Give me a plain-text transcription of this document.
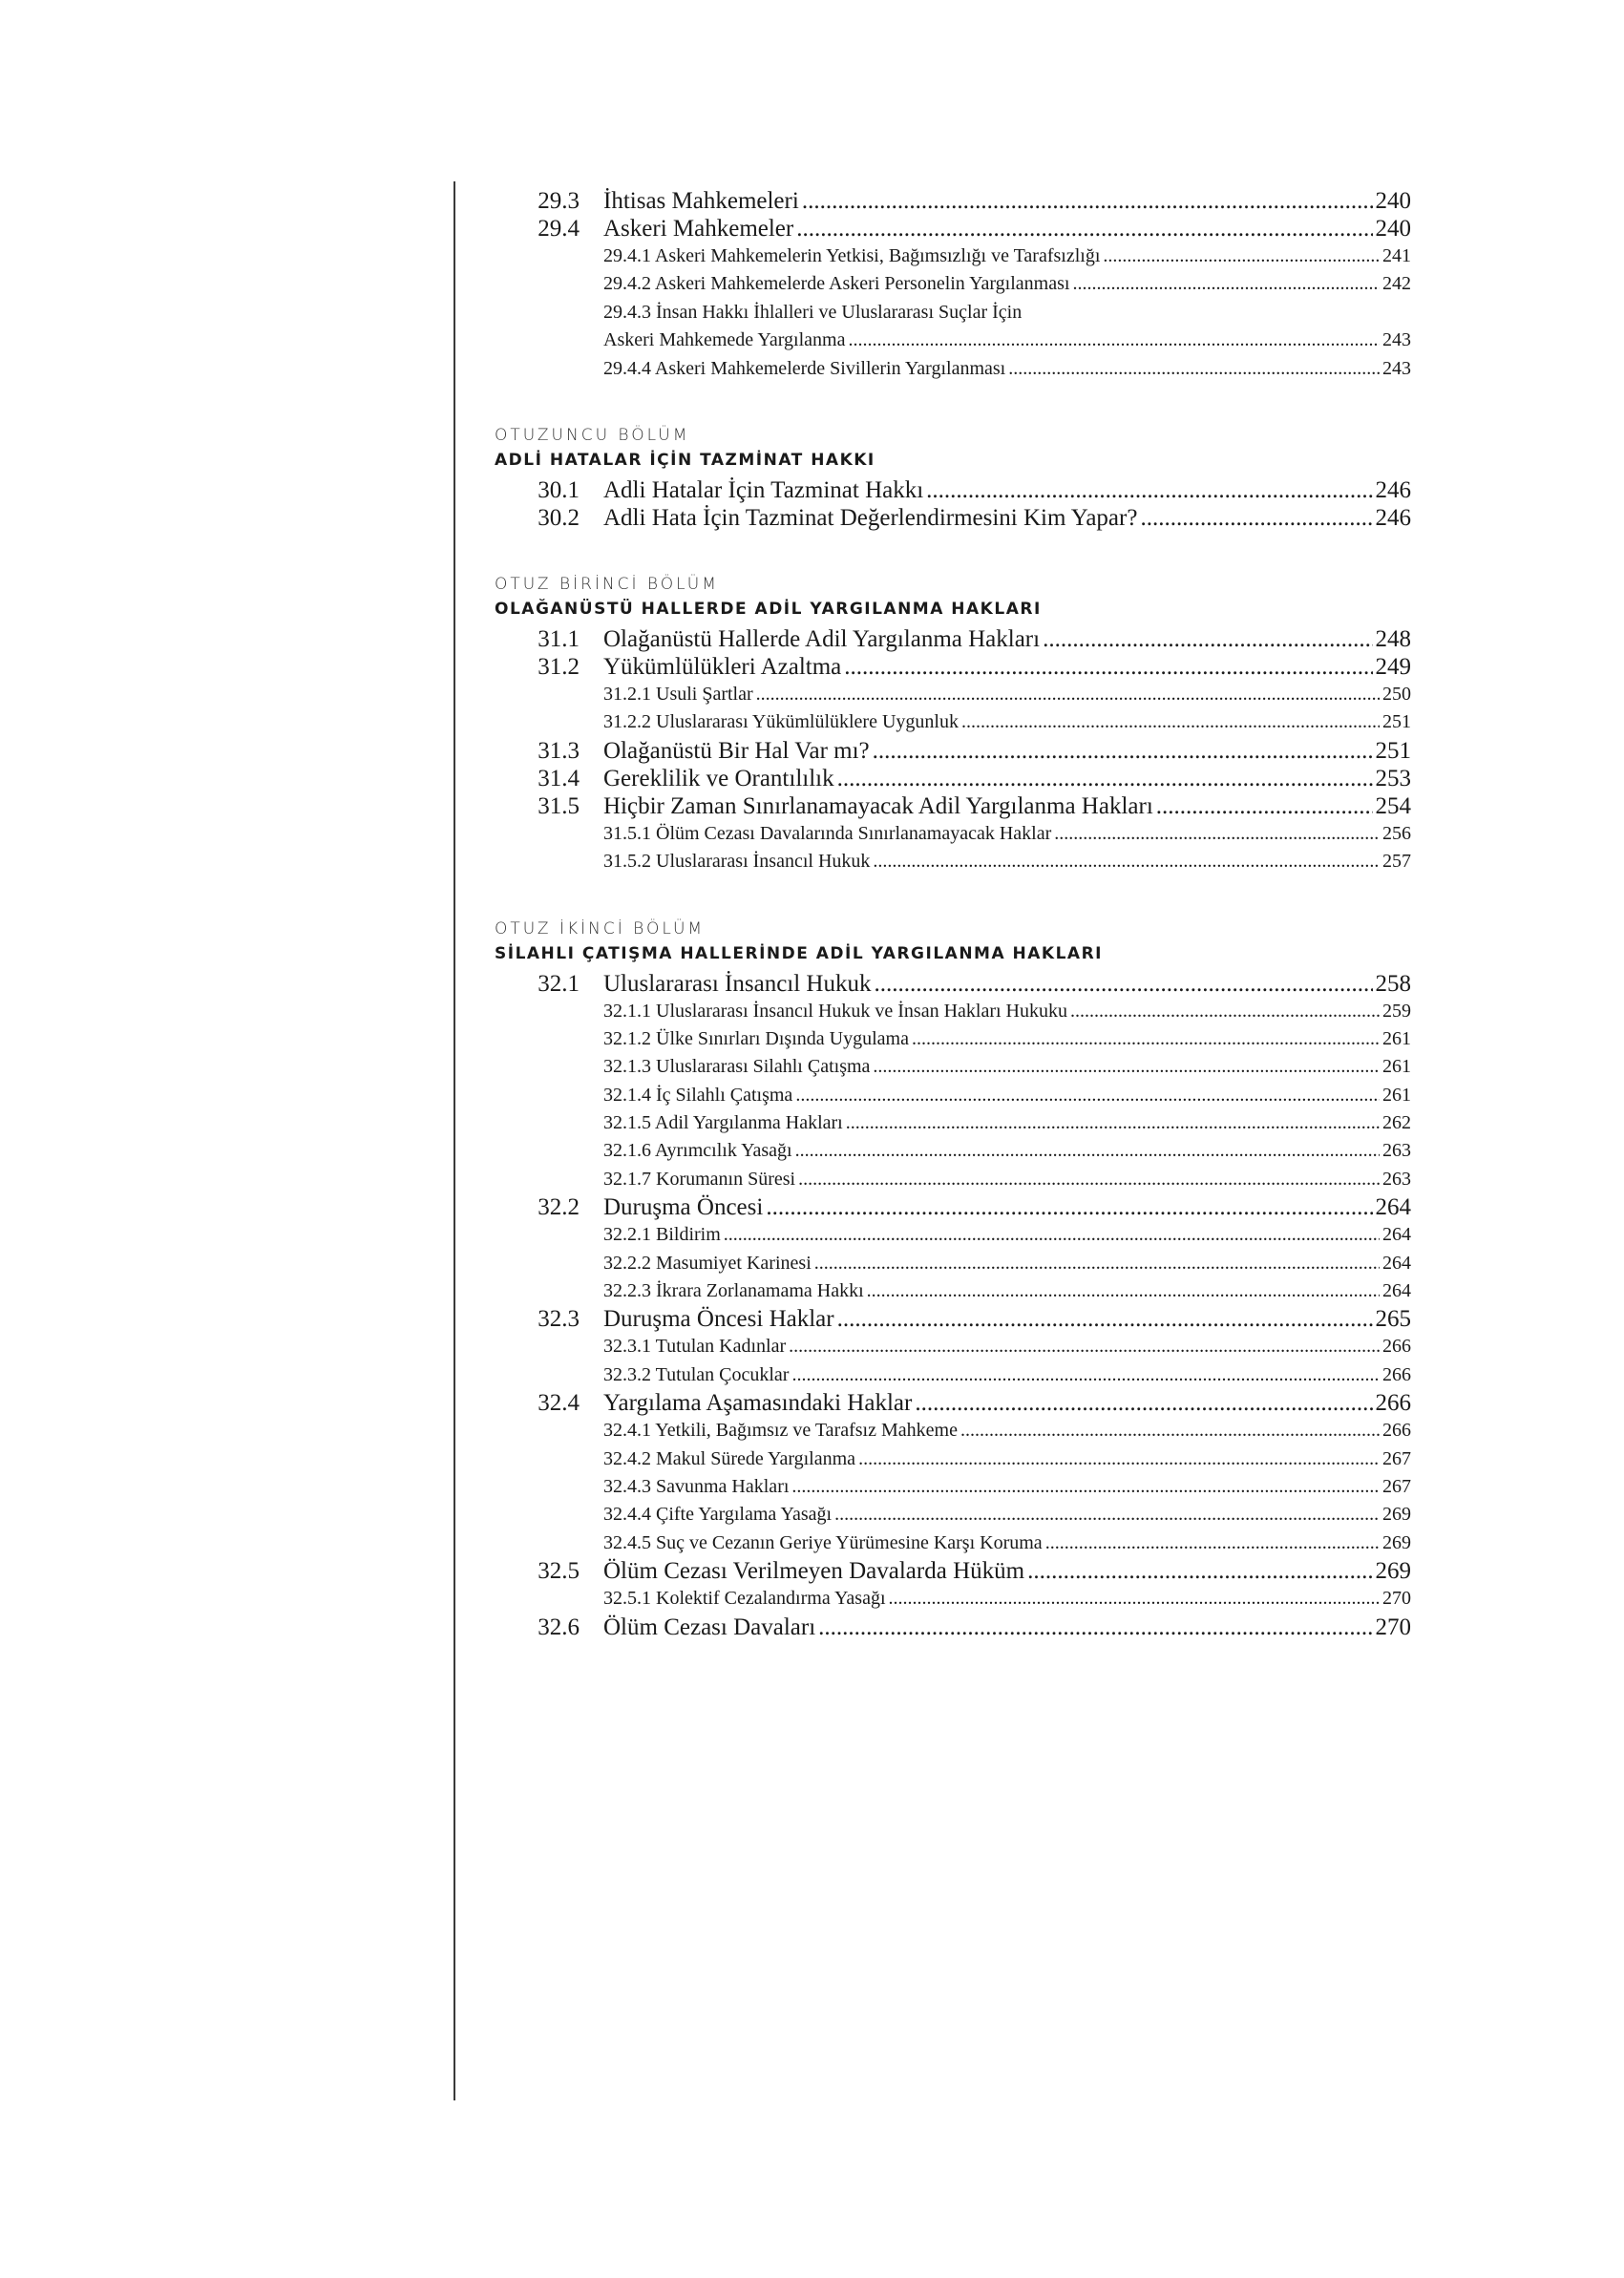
29.3	İhtisas Mahkemeleri .....	240
29.4	Askeri Mahkemeler .....	240
29.4.1 Askeri Mahkemelerin Yetkisi, Bağımsızlığı ve Tarafsızlığı .....	241
29.4.2 Askeri Mahkemelerde Askeri Personelin Yargılanması .....	242
29.4.3 İnsan Hakkı İhlalleri ve Uluslararası Suçlar İçin
Askeri Mahkemede Yargılanma .....	243
29.4.4 Askeri Mahkemelerde Sivillerin Yargılanması .....	243
OTUZUNCU BÖLÜM
ADLİ HATALAR İÇİN TAZMİNAT HAKKI
30.1	Adli Hatalar İçin Tazminat Hakkı .....	246
30.2	Adli Hata İçin Tazminat Değerlendirmesini Kim Yapar? .....	246
OTUZ BİRİNCİ BÖLÜM
OLAĞANÜSTÜ HALLERDE ADİL YARGILANMA HAKLARI
31.1	Olağanüstü Hallerde Adil Yargılanma Hakları .....	248
31.2	Yükümlülükleri Azaltma .....	249
31.2.1 Usuli Şartlar .....	250
31.2.2 Uluslararası Yükümlülüklere Uygunluk .....	251
31.3	Olağanüstü Bir Hal Var mı? .....	251
31.4	Gereklilik ve Orantılılık .....	253
31.5	Hiçbir Zaman Sınırlanamayacak Adil Yargılanma Hakları .....	254
31.5.1 Ölüm Cezası Davalarında Sınırlanamayacak Haklar .....	256
31.5.2 Uluslararası İnsancıl Hukuk .....	257
OTUZ İKİNCİ BÖLÜM
SİLAHLI ÇATIŞMA HALLERİNDE ADİL YARGILANMA HAKLARI
32.1	Uluslararası İnsancıl Hukuk .....	258
32.1.1 Uluslararası İnsancıl Hukuk ve İnsan Hakları Hukuku .....	259
32.1.2 Ülke Sınırları Dışında Uygulama .....	261
32.1.3 Uluslararası Silahlı Çatışma .....	261
32.1.4 İç Silahlı Çatışma .....	261
32.1.5 Adil Yargılanma Hakları .....	262
32.1.6 Ayrımcılık Yasağı .....	263
32.1.7 Korumanın Süresi .....	263
32.2	Duruşma Öncesi .....	264
32.2.1 Bildirim .....	264
32.2.2 Masumiyet Karinesi .....	264
32.2.3 İkrara Zorlanamama Hakkı .....	264
32.3	Duruşma Öncesi Haklar .....	265
32.3.1 Tutulan Kadınlar .....	266
32.3.2 Tutulan Çocuklar .....	266
32.4	Yargılama Aşamasındaki Haklar .....	266
32.4.1 Yetkili, Bağımsız ve Tarafsız Mahkeme .....	266
32.4.2 Makul Sürede Yargılanma .....	267
32.4.3 Savunma Hakları .....	267
32.4.4 Çifte Yargılama Yasağı .....	269
32.4.5 Suç ve Cezanın Geriye Yürümesine Karşı Koruma .....	269
32.5	Ölüm Cezası Verilmeyen Davalarda Hüküm .....	269
32.5.1 Kolektif Cezalandırma Yasağı .....	270
32.6	Ölüm Cezası Davaları .....	270
